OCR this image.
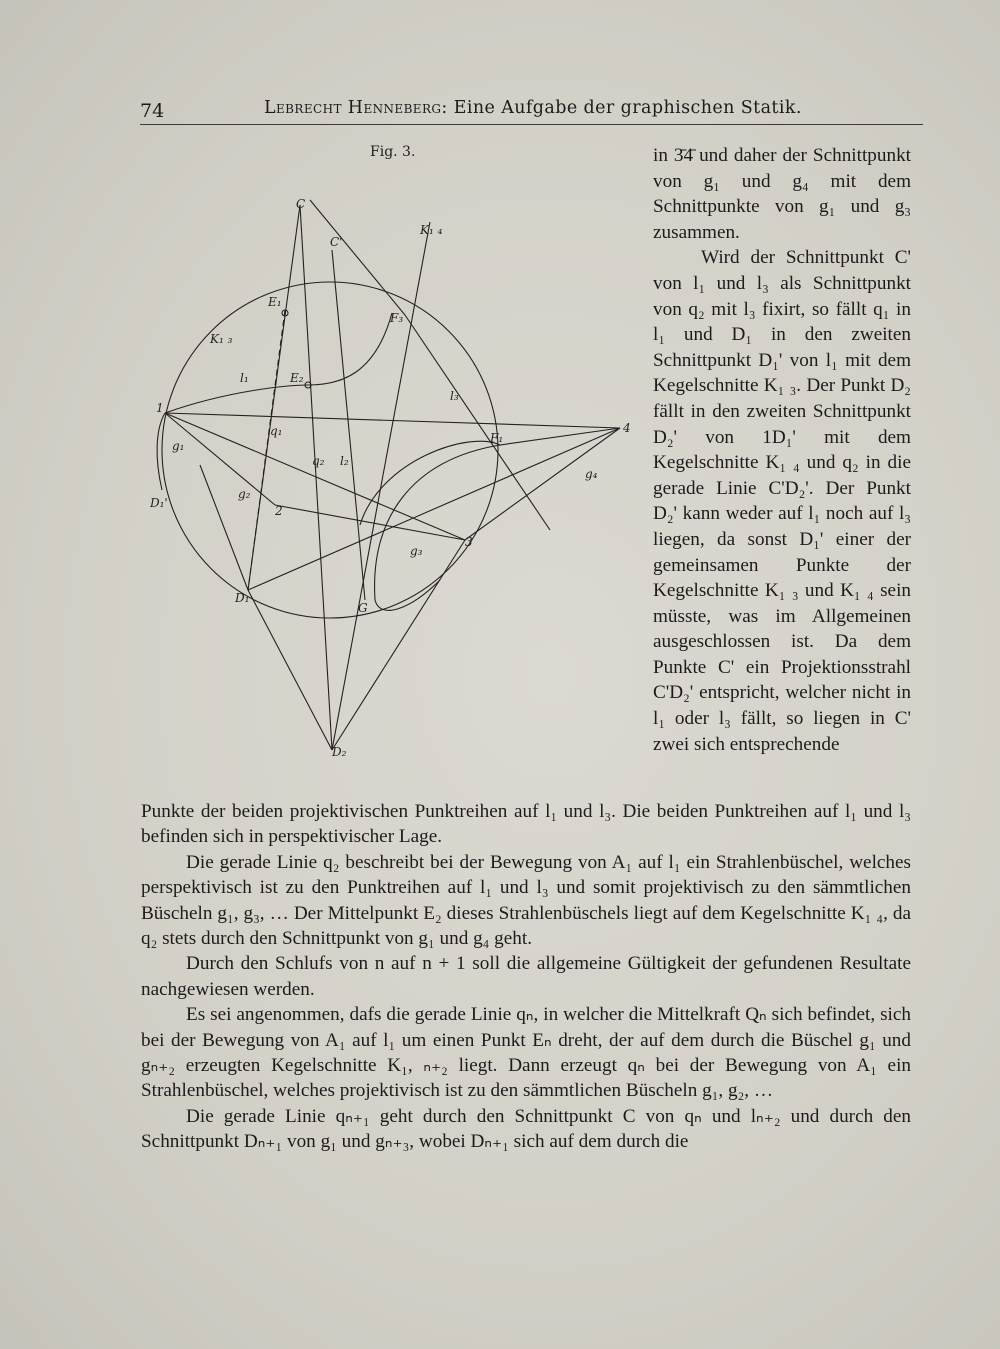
74	Lebrecht Henneberg: Eine Aufgabe der graphischen Statik.
Fig. 3.
C
C'
K₁ ₄
E₁
F₃
K₁ ₃
l₁	E₂
l₃
q₁
q₂ l₂
F₁
4
g₄
1
g₁
D₁'
g₂
2
g₃
3
D₁
G
D₂

in 3̄4̄ und daher der Schnittpunkt von g₁ und g₄ mit dem Schnittpunkte von g₁ und g₃ zusammen.

Wird der Schnittpunkt C' von l₁ und l₃ als Schnittpunkt von q₂ mit l₃ fixirt, so fällt q₁ in l₁ und D₁ in den zweiten Schnittpunkt D₁' von l₁ mit dem Kegelschnitte K₁ ₃. Der Punkt D₂ fällt in den zweiten Schnittpunkt D₂' von 1D₁' mit dem Kegelschnitte K₁ ₄ und q₂ in die gerade Linie C'D₂'. Der Punkt D₂' kann weder auf l₁ noch auf l₃ liegen, da sonst D₁' einer der gemeinsamen Punkte der Kegelschnitte K₁ ₃ und K₁ ₄ sein müsste, was im Allgemeinen ausgeschlossen ist. Da dem Punkte C' ein Projektionsstrahl C'D₂' entspricht, welcher nicht in l₁ oder l₃ fällt, so liegen in C' zwei sich entsprechende

Punkte der beiden projektivischen Punktreihen auf l₁ und l₃. Die beiden Punktreihen auf l₁ und l₃ befinden sich in perspektivischer Lage.

Die gerade Linie q₂ beschreibt bei der Bewegung von A₁ auf l₁ ein Strahlenbüschel, welches perspektivisch ist zu den Punktreihen auf l₁ und l₃ und somit projektivisch zu den sämmtlichen Büscheln g₁, g₃, … Der Mittelpunkt E₂ dieses Strahlenbüschels liegt auf dem Kegelschnitte K₁ ₄, da q₂ stets durch den Schnittpunkt von g₁ und g₄ geht.

Durch den Schlufs von n auf n + 1 soll die allgemeine Gültigkeit der gefundenen Resultate nachgewiesen werden.

Es sei angenommen, dafs die gerade Linie qₙ, in welcher die Mittelkraft Qₙ sich befindet, sich bei der Bewegung von A₁ auf l₁ um einen Punkt Eₙ dreht, der auf dem durch die Büschel g₁ und gₙ₊₂ erzeugten Kegelschnitte K₁, ₙ₊₂ liegt. Dann erzeugt qₙ bei der Bewegung von A₁ ein Strahlenbüschel, welches projektivisch ist zu den sämmtlichen Büscheln g₁, g₂, …

Die gerade Linie qₙ₊₁ geht durch den Schnittpunkt C von qₙ und lₙ₊₂ und durch den Schnittpunkt Dₙ₊₁ von g₁ und gₙ₊₃, wobei Dₙ₊₁ sich auf dem durch die
